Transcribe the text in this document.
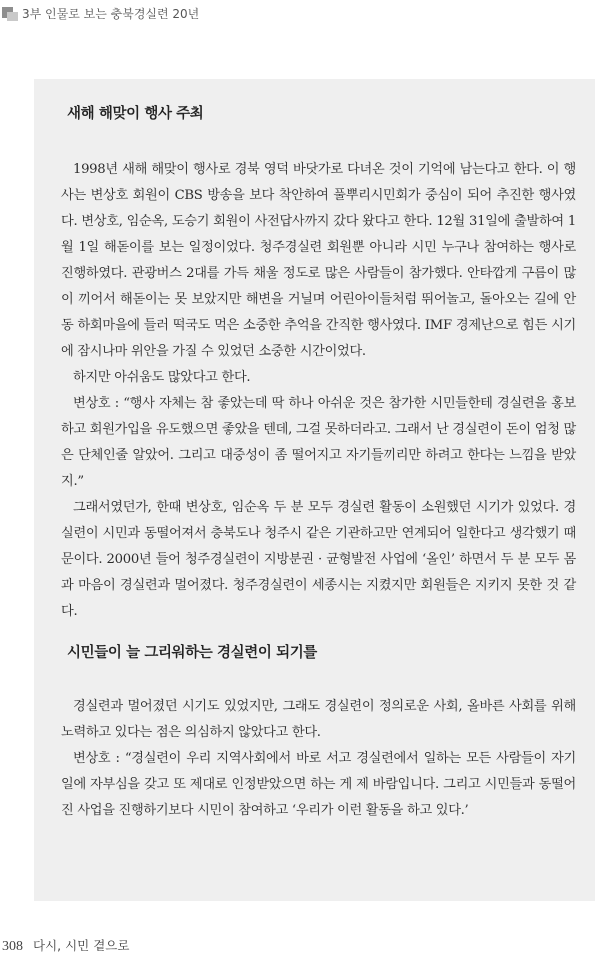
3부 인물로 보는 충북경실련 20년
새해 해맞이 행사 주최

1998년 새해 해맞이 행사로 경북 영덕 바닷가로 다녀온 것이 기억에 남는다고 한다. 이 행사는 변상호 회원이 CBS 방송을 보다 착안하여 풀뿌리시민회가 중심이 되어 추진한 행사였다. 변상호, 임순옥, 도승기 회원이 사전답사까지 갔다 왔다고 한다. 12월 31일에 출발하여 1월 1일 해돋이를 보는 일정이었다. 청주경실련 회원뿐 아니라 시민 누구나 참여하는 행사로 진행하였다. 관광버스 2대를 가득 채울 정도로 많은 사람들이 참가했다. 안타깝게 구름이 많이 끼어서 해돋이는 못 보았지만 해변을 거닐며 어린아이들처럼 뛰어놀고, 돌아오는 길에 안동 하회마을에 들러 떡국도 먹은 소중한 추억을 간직한 행사였다. IMF 경제난으로 힘든 시기에 잠시나마 위안을 가질 수 있었던 소중한 시간이었다.

하지만 아쉬움도 많았다고 한다.

변상호 : “행사 자체는 참 좋았는데 딱 하나 아쉬운 것은 참가한 시민들한테 경실련을 홍보하고 회원가입을 유도했으면 좋았을 텐데, 그걸 못하더라고. 그래서 난 경실련이 돈이 엄청 많은 단체인줄 알았어. 그리고 대중성이 좀 떨어지고 자기들끼리만 하려고 한다는 느낌을 받았지.”

그래서였던가, 한때 변상호, 임순옥 두 분 모두 경실련 활동이 소원했던 시기가 있었다. 경실련이 시민과 동떨어져서 충북도나 청주시 같은 기관하고만 연계되어 일한다고 생각했기 때문이다. 2000년 들어 청주경실련이 지방분권 · 균형발전 사업에 ‘올인’ 하면서 두 분 모두 몸과 마음이 경실련과 멀어졌다. 청주경실련이 세종시는 지켰지만 회원들은 지키지 못한 것 같다.

시민들이 늘 그리워하는 경실련이 되기를

경실련과 멀어졌던 시기도 있었지만, 그래도 경실련이 정의로운 사회, 올바른 사회를 위해 노력하고 있다는 점은 의심하지 않았다고 한다.

변상호 : “경실련이 우리 지역사회에서 바로 서고 경실련에서 일하는 모든 사람들이 자기 일에 자부심을 갖고 또 제대로 인정받았으면 하는 게 제 바람입니다. 그리고 시민들과 동떨어진 사업을 진행하기보다 시민이 참여하고 ‘우리가 이런 활동을 하고 있다.’

308 다시, 시민 곁으로
